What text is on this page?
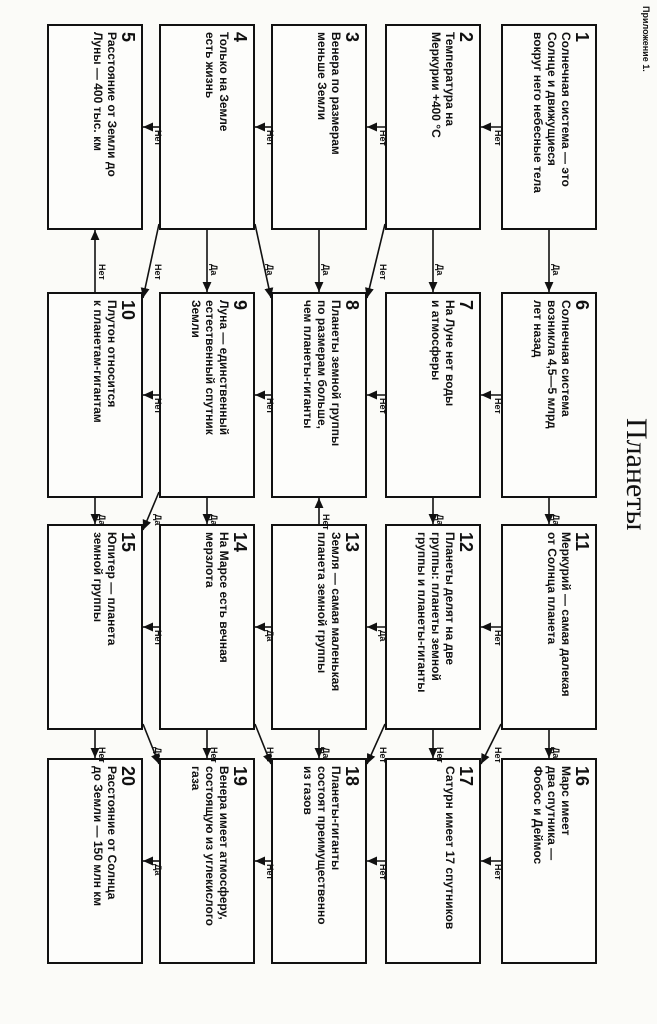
Приложение 1.
Планеты
1
Солнечная система — это
Солнце и движущиеся
вокруг него небесные тела
2
Температура на
Меркурии +400 °С
3
Венера по размерам
меньше Земли
4
Только на Земле
есть жизнь
5
Расстояние от Земли до
Луны — 400 тыс. км
6
Солнечная система
возникла 4,5—5 млрд
лет назад
7
На Луне нет воды
и атмосферы
8
Планеты земной группы
по размерам больше,
чем планеты-гиганты
9
Луна — единственный
естественный спутник
Земли
10
Плутон относится
к планетам-гигантам
11
Меркурий — самая далекая
от Солнца планета
12
Планеты делят на две
группы: планеты земной
группы и планеты-гиганты
13
Земля — самая маленькая
планета земной группы
14
На Марсе есть вечная
мерзлота
15
Юпитер — планета
земной группы
16
Марс имеет
два спутника —
Фобос и Деймос
17
Сатурн имеет 17 спутников
18
Планеты-гиганты
состоят преимущественно
из газов
19
Венера имеет атмосферу,
состоящую из углекислого
газа
20
Расстояние от Солнца
до Земли — 150 млн км
Нет
Нет
Нет
Нет
Да
Да
Да
Да	Нет
Да
Нет
Нет
Нет
Нет
Нет
Нет
Да
Да
Нет
Да
Да	Да
Нет
Да
Да
Нет
Да
Нет
Да
Нет
Нет	Нет
Нет
Нет
Да
Нет
Нет
Нет
Да
